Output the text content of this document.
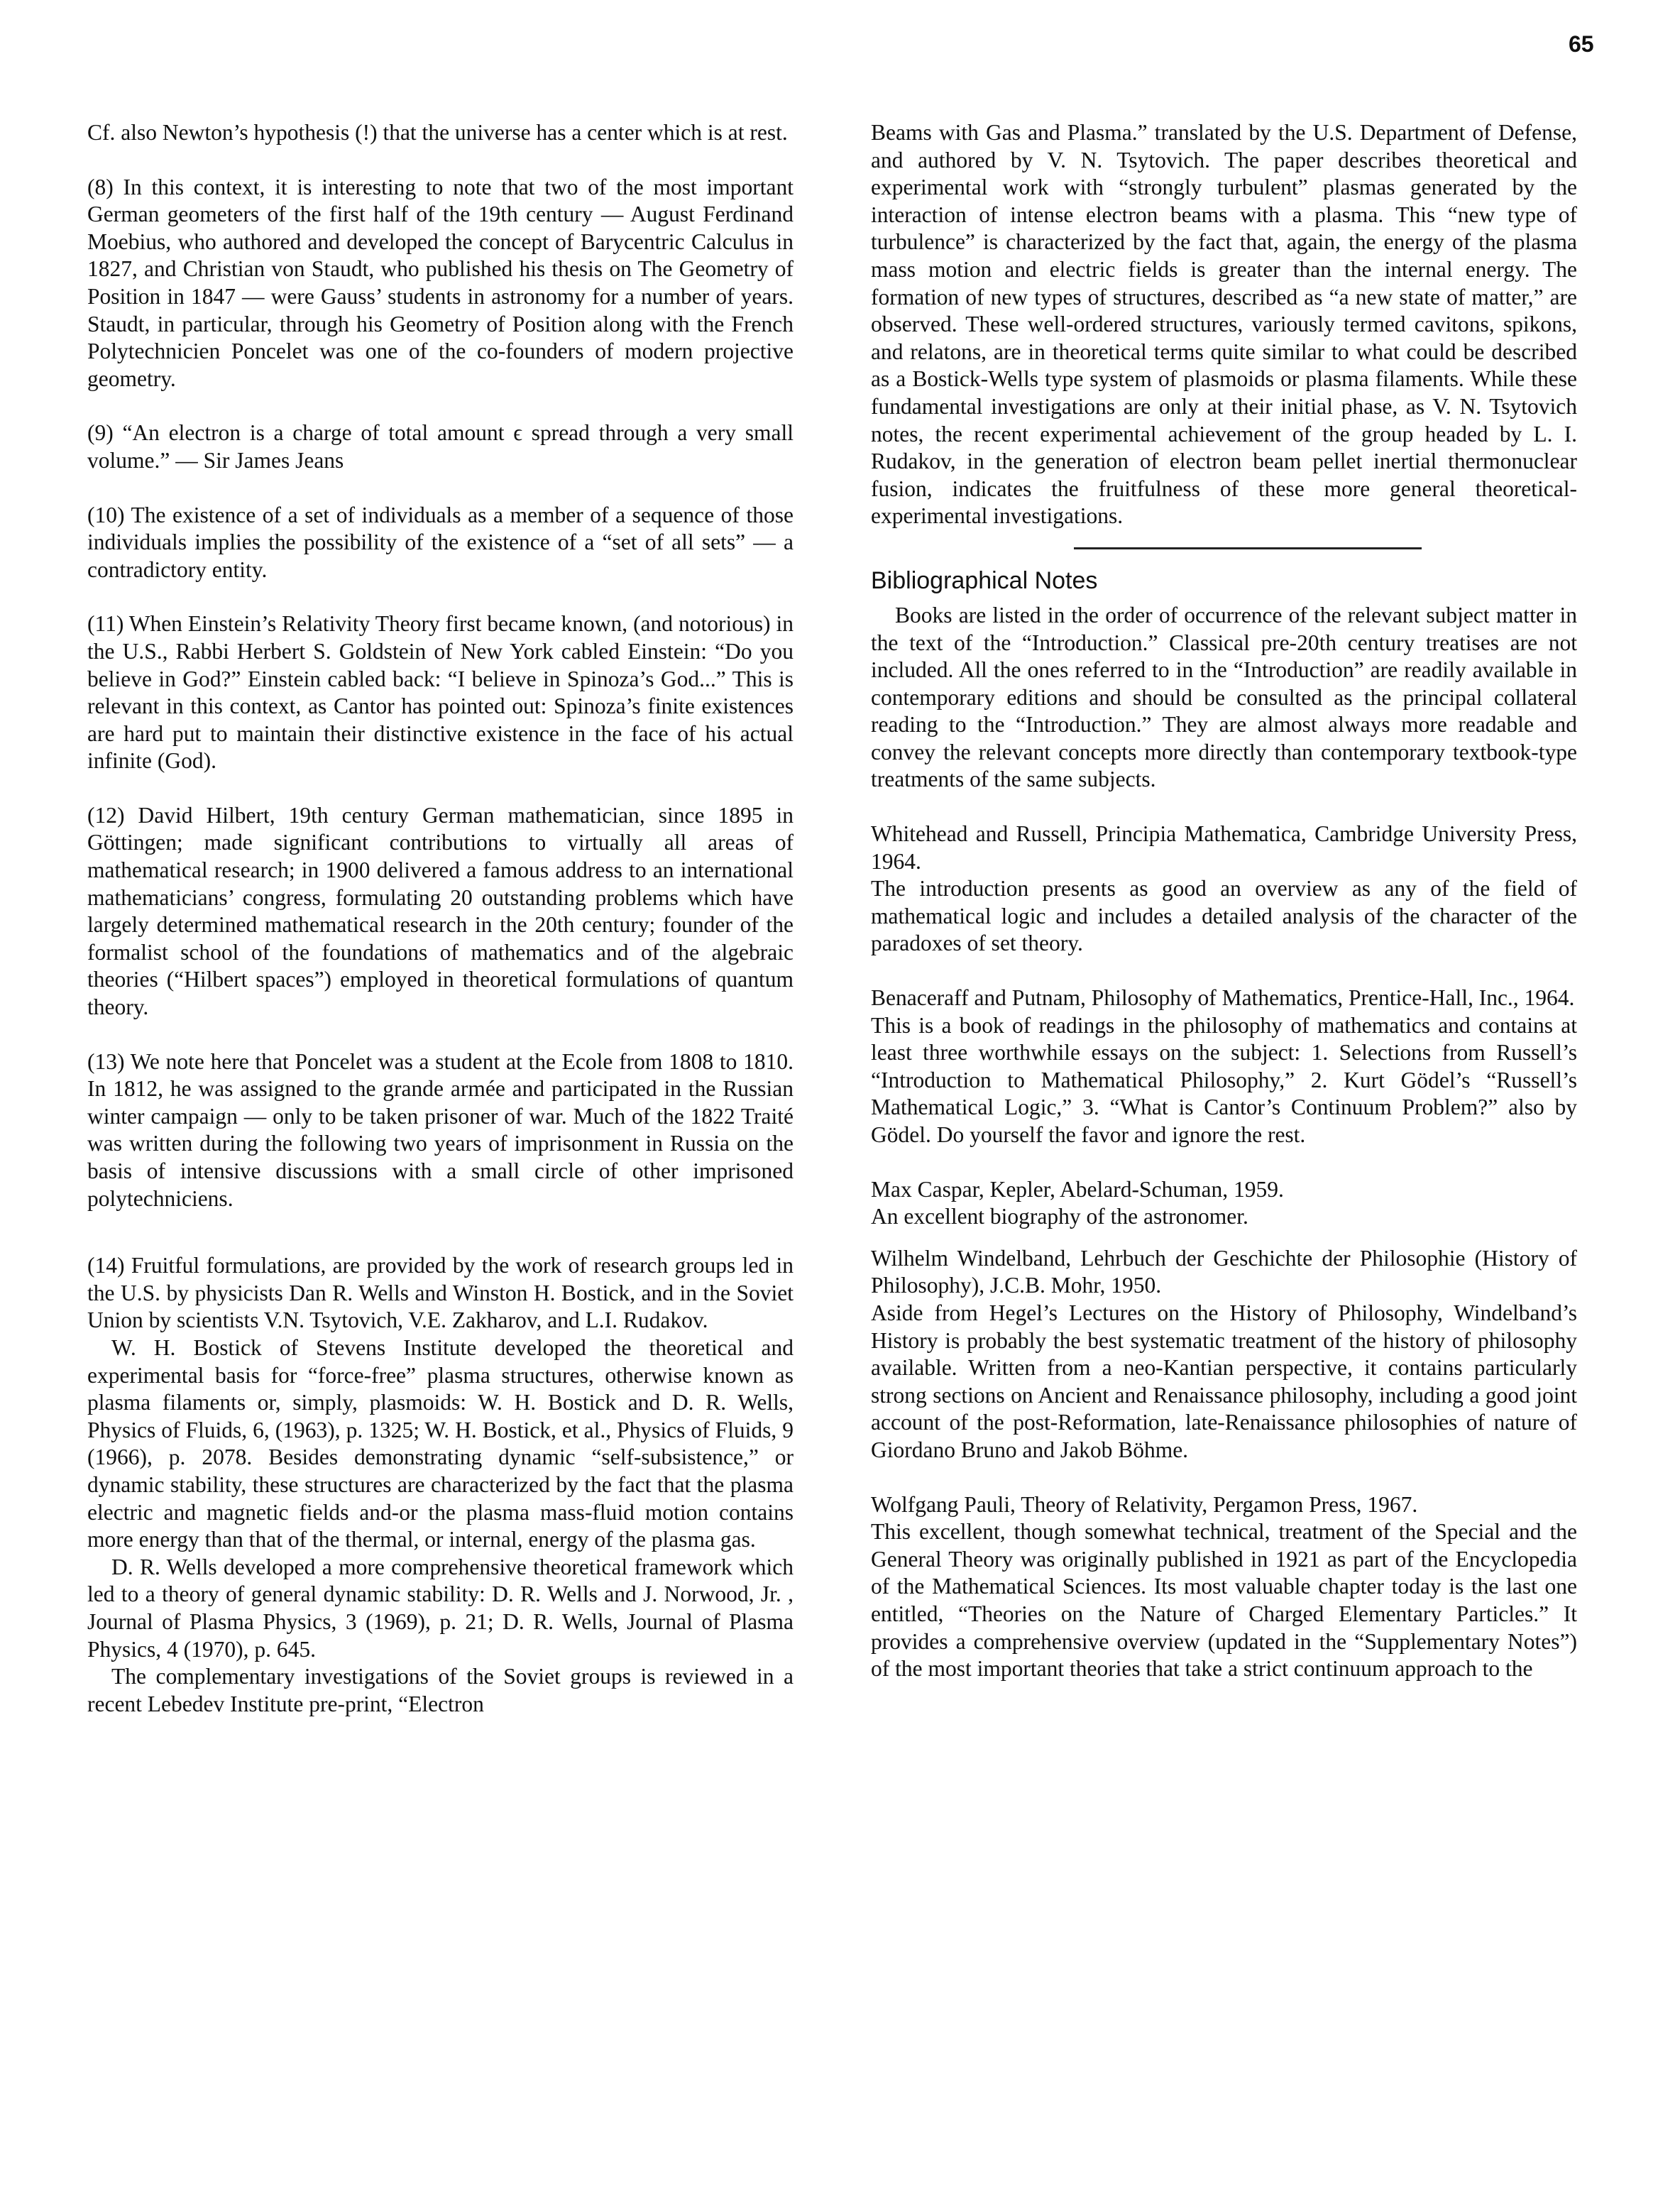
65

Cf. also Newton’s hypothesis (!) that the universe has a center which is at rest.

(8) In this context, it is interesting to note that two of the most important German geometers of the first half of the 19th century — August Ferdinand Moebius, who authored and developed the concept of Barycentric Calculus in 1827, and Christian von Staudt, who published his thesis on The Geometry of Position in 1847 — were Gauss’ students in astronomy for a number of years. Staudt, in particular, through his Geometry of Position along with the French Polytechnicien Poncelet was one of the co-founders of modern projective geometry.

(9) “An electron is a charge of total amount ϵ spread through a very small volume.” — Sir James Jeans

(10) The existence of a set of individuals as a member of a sequence of those individuals implies the possibility of the existence of a “set of all sets” — a contradictory entity.

(11) When Einstein’s Relativity Theory first became known, (and notorious) in the U.S., Rabbi Herbert S. Goldstein of New York cabled Einstein: “Do you believe in God?” Einstein cabled back: “I believe in Spinoza’s God...” This is relevant in this context, as Cantor has pointed out: Spinoza’s finite existences are hard put to maintain their distinctive existence in the face of his actual infinite (God).

(12) David Hilbert, 19th century German mathematician, since 1895 in Göttingen; made significant contributions to virtually all areas of mathematical research; in 1900 delivered a famous address to an international mathematicians’ congress, formulating 20 outstanding problems which have largely determined mathematical research in the 20th century; founder of the formalist school of the foundations of mathematics and of the algebraic theories (“Hilbert spaces”) employed in theoretical formulations of quantum theory.

(13) We note here that Poncelet was a student at the Ecole from 1808 to 1810. In 1812, he was assigned to the grande armée and participated in the Russian winter campaign — only to be taken prisoner of war. Much of the 1822 Traité was written during the following two years of imprisonment in Russia on the basis of intensive discussions with a small circle of other imprisoned polytechniciens.

(14) Fruitful formulations, are provided by the work of research groups led in the U.S. by physicists Dan R. Wells and Winston H. Bostick, and in the Soviet Union by scientists V.N. Tsytovich, V.E. Zakharov, and L.I. Rudakov.

W. H. Bostick of Stevens Institute developed the theoretical and experimental basis for “force-free” plasma structures, otherwise known as plasma filaments or, simply, plasmoids: W. H. Bostick and D. R. Wells, Physics of Fluids, 6, (1963), p. 1325; W. H. Bostick, et al., Physics of Fluids, 9 (1966), p. 2078. Besides demonstrating dynamic “self-subsistence,” or dynamic stability, these structures are characterized by the fact that the plasma electric and magnetic fields and-or the plasma mass-fluid motion contains more energy than that of the thermal, or internal, energy of the plasma gas.

D. R. Wells developed a more comprehensive theoretical framework which led to a theory of general dynamic stability: D. R. Wells and J. Norwood, Jr. , Journal of Plasma Physics, 3 (1969), p. 21; D. R. Wells, Journal of Plasma Physics, 4 (1970), p. 645.

The complementary investigations of the Soviet groups is reviewed in a recent Lebedev Institute pre-print, “Electron

Beams with Gas and Plasma.” translated by the U.S. Department of Defense, and authored by V. N. Tsytovich. The paper describes theoretical and experimental work with “strongly turbulent” plasmas generated by the interaction of intense electron beams with a plasma. This “new type of turbulence” is characterized by the fact that, again, the energy of the plasma mass motion and electric fields is greater than the internal energy. The formation of new types of structures, described as “a new state of matter,” are observed. These well-ordered structures, variously termed cavitons, spikons, and relatons, are in theoretical terms quite similar to what could be described as a Bostick-Wells type system of plasmoids or plasma filaments. While these fundamental investigations are only at their initial phase, as V. N. Tsytovich notes, the recent experimental achievement of the group headed by L. I. Rudakov, in the generation of electron beam pellet inertial thermonuclear fusion, indicates the fruitfulness of these more general theoretical-experimental investigations.

Bibliographical Notes

Books are listed in the order of occurrence of the relevant subject matter in the text of the “Introduction.” Classical pre-20th century treatises are not included. All the ones referred to in the “Introduction” are readily available in contemporary editions and should be consulted as the principal collateral reading to the “Introduction.” They are almost always more readable and convey the relevant concepts more directly than contemporary textbook-type treatments of the same subjects.

Whitehead and Russell, Principia Mathematica, Cambridge University Press, 1964.

The introduction presents as good an overview as any of the field of mathematical logic and includes a detailed analysis of the character of the paradoxes of set theory.

Benaceraff and Putnam, Philosophy of Mathematics, Prentice-Hall, Inc., 1964.

This is a book of readings in the philosophy of mathematics and contains at least three worthwhile essays on the subject: 1. Selections from Russell’s “Introduction to Mathematical Philosophy,” 2. Kurt Gödel’s “Russell’s Mathematical Logic,” 3. “What is Cantor’s Continuum Problem?” also by Gödel. Do yourself the favor and ignore the rest.

Max Caspar, Kepler, Abelard-Schuman, 1959.

An excellent biography of the astronomer.

Wilhelm Windelband, Lehrbuch der Geschichte der Philosophie (History of Philosophy), J.C.B. Mohr, 1950.

Aside from Hegel’s Lectures on the History of Philosophy, Windelband’s History is probably the best systematic treatment of the history of philosophy available. Written from a neo-Kantian perspective, it contains particularly strong sections on Ancient and Renaissance philosophy, including a good joint account of the post-Reformation, late-Renaissance philosophies of nature of Giordano Bruno and Jakob Böhme.

Wolfgang Pauli, Theory of Relativity, Pergamon Press, 1967.

This excellent, though somewhat technical, treatment of the Special and the General Theory was originally published in 1921 as part of the Encyclopedia of the Mathematical Sciences. Its most valuable chapter today is the last one entitled, “Theories on the Nature of Charged Elementary Particles.” It provides a comprehensive overview (updated in the “Supplementary Notes”) of the most important theories that take a strict continuum approach to the
